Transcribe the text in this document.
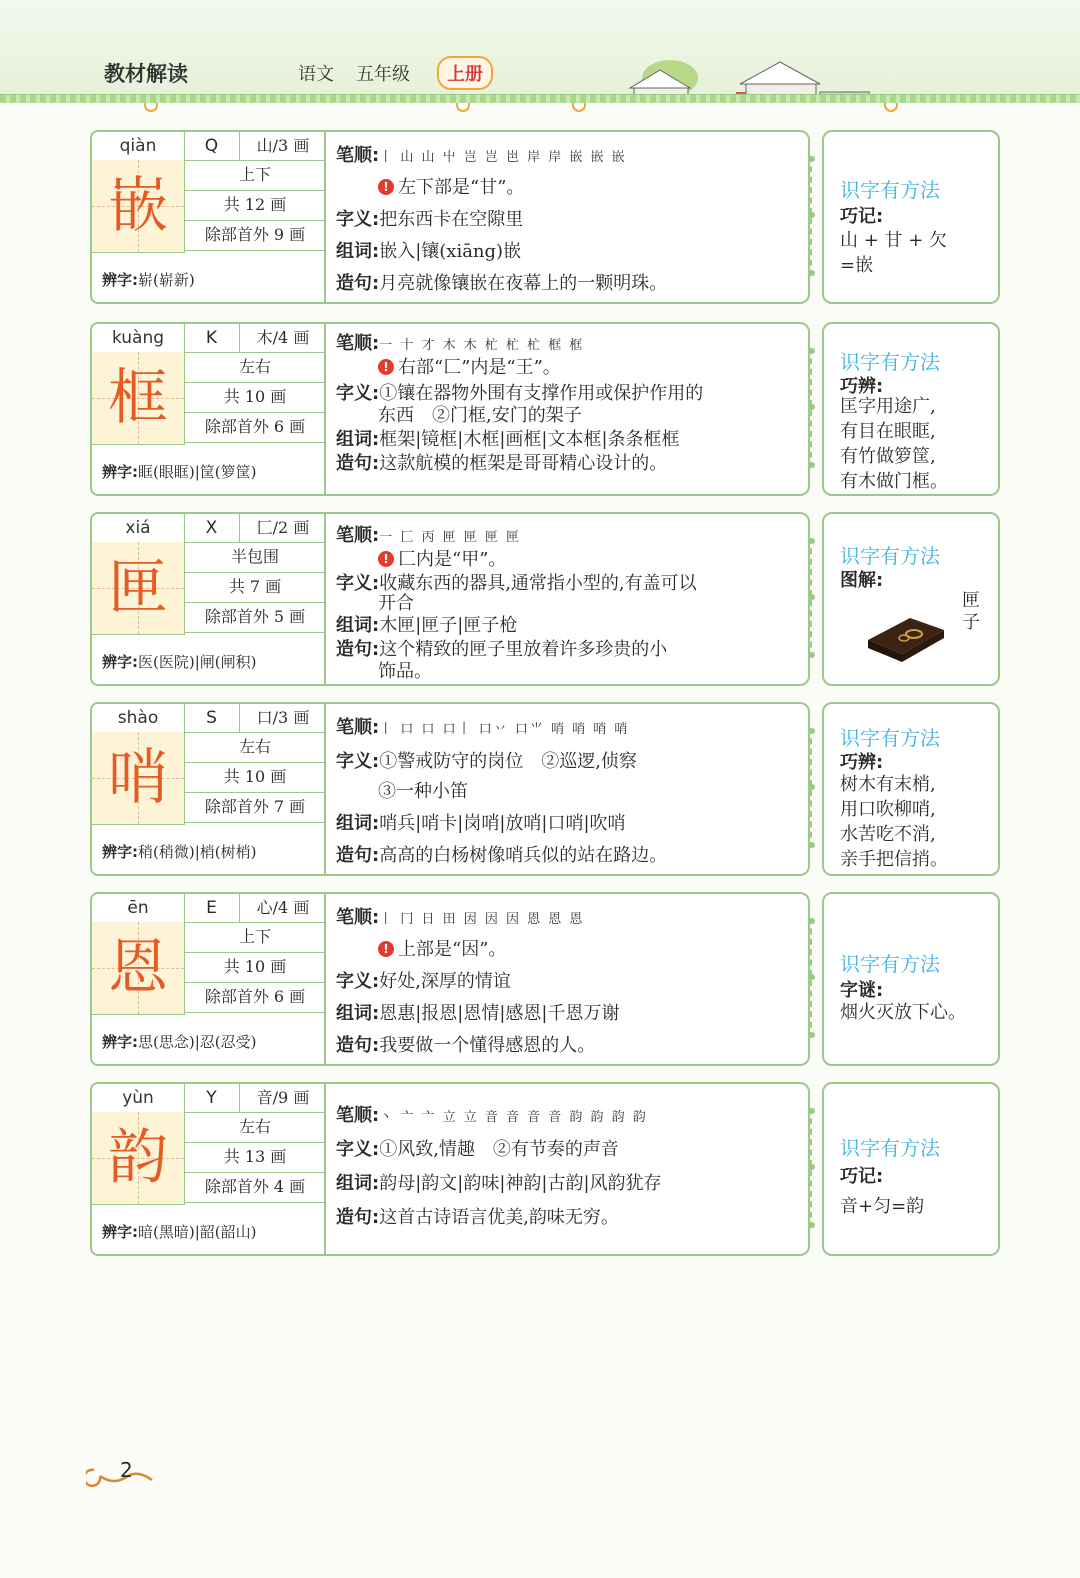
教材解读	语文 五年级	上册
qiàn	Q	山/3 画
嵌	上下
共 12 画
除部首外 9 画
辨字:崭(崭新)
笔顺:丨 山 山 屮 岂 岂 岜 岸 岸 嵌 嵌 嵌
! 左下部是“甘”。
字义:把东西卡在空隙里
组词:嵌入|镶(xiāng)嵌
造句:月亮就像镶嵌在夜幕上的一颗明珠。
识字有方法
巧记:
山 + 甘 + 欠
=嵌
kuàng	K	木/4 画
框	左右
共 10 画
除部首外 6 画
辨字:眶(眼眶)|筐(箩筐)
笔顺:一 十 才 木 木 杧 杧 杧 框 框
! 右部“匚”内是“王”。
字义:①镶在器物外围有支撑作用或保护作用的
东西　②门框,安门的架子
组词:框架|镜框|木框|画框|文本框|条条框框
造句:这款航模的框架是哥哥精心设计的。
识字有方法
巧辨:
匡字用途广,
有目在眼眶,
有竹做箩筐,
有木做门框。
xiá	X	匚/2 画
匣	半包围
共 7 画
除部首外 5 画
辨字:医(医院)|闸(闸积)
笔顺:一 匚 丙 匣 匣 匣 匣
! 匚内是“甲”。
字义:收藏东西的器具,通常指小型的,有盖可以
开合
组词:木匣|匣子|匣子枪
造句:这个精致的匣子里放着许多珍贵的小
饰品。
识字有方法
图解:
匣
子
shào	S	口/3 画
哨	左右
共 10 画
除部首外 7 画
辨字:稍(稍微)|梢(树梢)
笔顺:丨 口 口 口丨 口丷 口⺌ 哨 哨 哨 哨
字义:①警戒防守的岗位　②巡逻,侦察
③一种小笛
组词:哨兵|哨卡|岗哨|放哨|口哨|吹哨
造句:高高的白杨树像哨兵似的站在路边。
识字有方法
巧辨:
树木有末梢,
用口吹柳哨,
水苦吃不消,
亲手把信捎。
ēn	E	心/4 画
恩	上下
共 10 画
除部首外 6 画
辨字:思(思念)|忍(忍受)
笔顺:丨 冂 日 田 因 因 因 恩 恩 恩
! 上部是“因”。
字义:好处,深厚的情谊
组词:恩惠|报恩|恩情|感恩|千恩万谢
造句:我要做一个懂得感恩的人。
识字有方法
字谜:
烟火灭放下心。
yùn	Y	音/9 画
韵	左右
共 13 画
除部首外 4 画
辨字:暗(黑暗)|韶(韶山)
笔顺:丶 亠 亠 立 立 音 音 音 音 韵 韵 韵 韵
字义:①风致,情趣　②有节奏的声音
组词:韵母|韵文|韵味|神韵|古韵|风韵犹存
造句:这首古诗语言优美,韵味无穷。
识字有方法
巧记:
音+匀=韵
2
